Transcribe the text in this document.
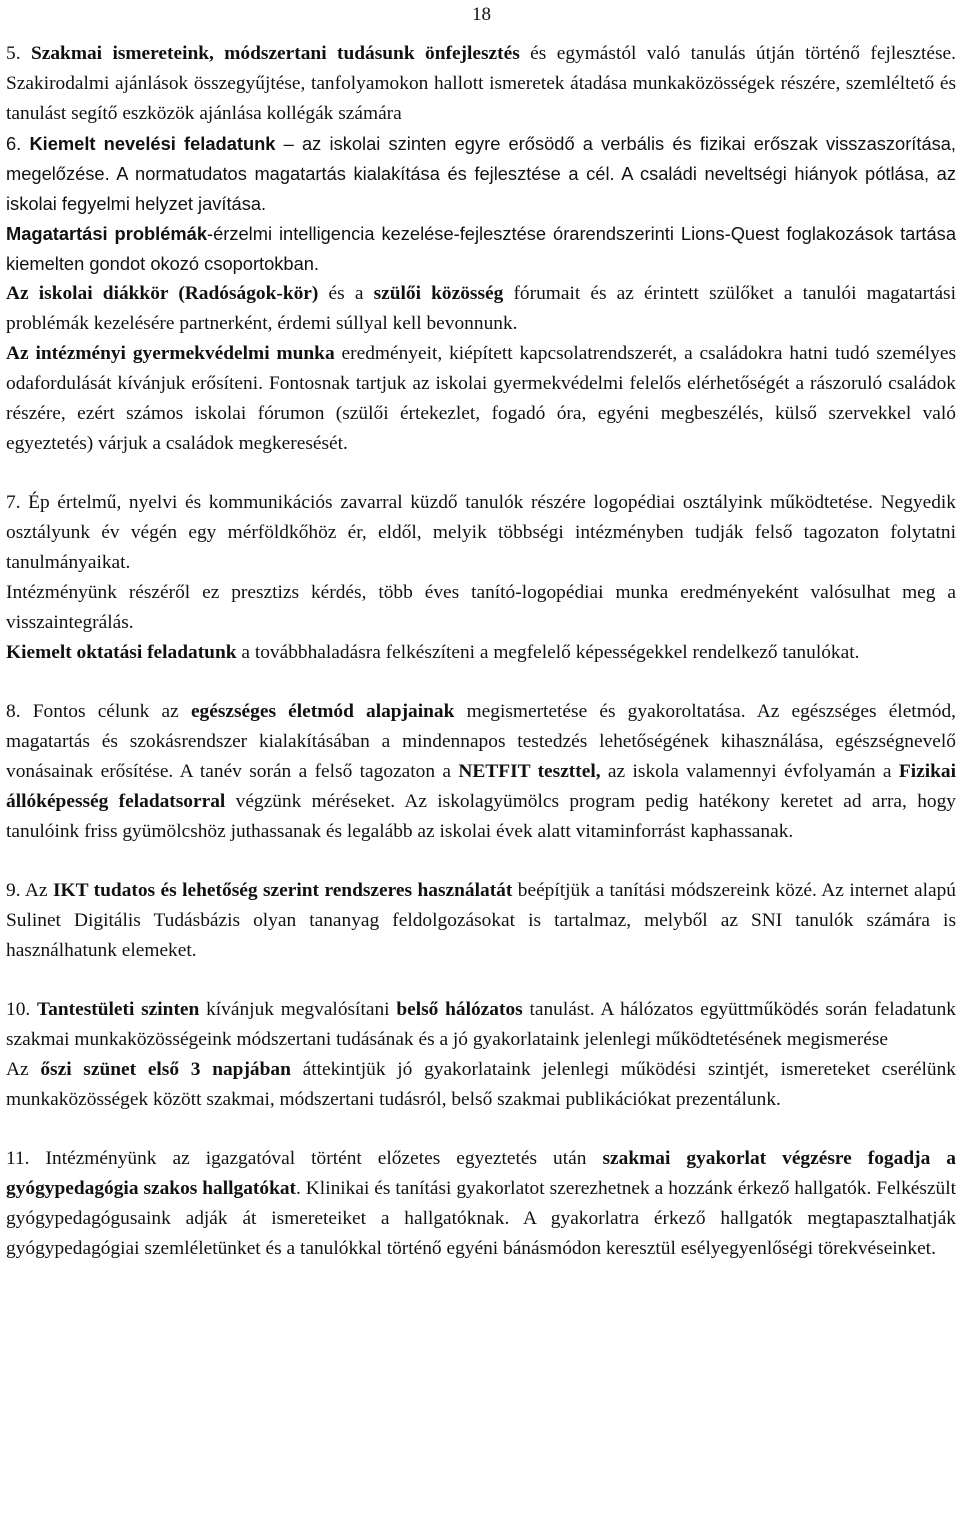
18

5. Szakmai ismereteink, módszertani tudásunk önfejlesztés és egymástól való tanulás útján történő fejlesztése. Szakirodalmi ajánlások összegyűjtése, tanfolyamokon hallott ismeretek átadása munkaközösségek részére, szemléltető és tanulást segítő eszközök ajánlása kollégák számára

6. Kiemelt nevelési feladatunk – az iskolai szinten egyre erősödő a verbális és fizikai erőszak visszaszorítása, megelőzése. A normatudatos magatartás kialakítása és fejlesztése a cél. A családi neveltségi hiányok pótlása, az iskolai fegyelmi helyzet javítása.

Magatartási problémák-érzelmi intelligencia kezelése-fejlesztése órarendszerinti Lions-Quest foglakozások tartása kiemelten gondot okozó csoportokban.

Az iskolai diákkör (Radóságok-kör) és a szülői közösség fórumait és az érintett szülőket a tanulói magatartási problémák kezelésére partnerként, érdemi súllyal kell bevonnunk.

Az intézményi gyermekvédelmi munka eredményeit, kiépített kapcsolatrendszerét, a családokra hatni tudó személyes odafordulását kívánjuk erősíteni. Fontosnak tartjuk az iskolai gyermekvédelmi felelős elérhetőségét a rászoruló családok részére, ezért számos iskolai fórumon (szülői értekezlet, fogadó óra, egyéni megbeszélés, külső szervekkel való egyeztetés) várjuk a családok megkeresését.

7. Ép értelmű, nyelvi és kommunikációs zavarral küzdő tanulók részére logopédiai osztályink működtetése. Negyedik osztályunk év végén egy mérföldkőhöz ér, eldől, melyik többségi intézményben tudják felső tagozaton folytatni tanulmányaikat.

Intézményünk részéről ez presztizs kérdés, több éves tanító-logopédiai munka eredményeként valósulhat meg a visszaintegrálás.

Kiemelt oktatási feladatunk a továbbhaladásra felkészíteni a megfelelő képességekkel rendelkező tanulókat.

8. Fontos célunk az egészséges életmód alapjainak megismertetése és gyakoroltatása. Az egészséges életmód, magatartás és szokásrendszer kialakításában a mindennapos testedzés lehetőségének kihasználása, egészségnevelő vonásainak erősítése. A tanév során a felső tagozaton a NETFIT teszttel, az iskola valamennyi évfolyamán a Fizikai állóképesség feladatsorral végzünk méréseket. Az iskolagyümölcs program pedig hatékony keretet ad arra, hogy tanulóink friss gyümölcshöz juthassanak és legalább az iskolai évek alatt vitaminforrást kaphassanak.

9. Az IKT tudatos és lehetőség szerint rendszeres használatát beépítjük a tanítási módszereink közé. Az internet alapú Sulinet Digitális Tudásbázis olyan tananyag feldolgozásokat is tartalmaz, melyből az SNI tanulók számára is használhatunk elemeket.

10. Tantestületi szinten kívánjuk megvalósítani belső hálózatos tanulást. A hálózatos együttműködés során feladatunk szakmai munkaközösségeink módszertani tudásának és a jó gyakorlataink jelenlegi működtetésének megismerése

Az őszi szünet első 3 napjában áttekintjük jó gyakorlataink jelenlegi működési szintjét, ismereteket cserélünk munkaközösségek között szakmai, módszertani tudásról, belső szakmai publikációkat prezentálunk.

11. Intézményünk az igazgatóval történt előzetes egyeztetés után szakmai gyakorlat végzésre fogadja a gyógypedagógia szakos hallgatókat. Klinikai és tanítási gyakorlatot szerezhetnek a hozzánk érkező hallgatók. Felkészült gyógypedagógusaink adják át ismereteiket a hallgatóknak. A gyakorlatra érkező hallgatók megtapasztalhatják gyógypedagógiai szemléletünket és a tanulókkal történő egyéni bánásmódon keresztül esélyegyenlőségi törekvéseinket.
